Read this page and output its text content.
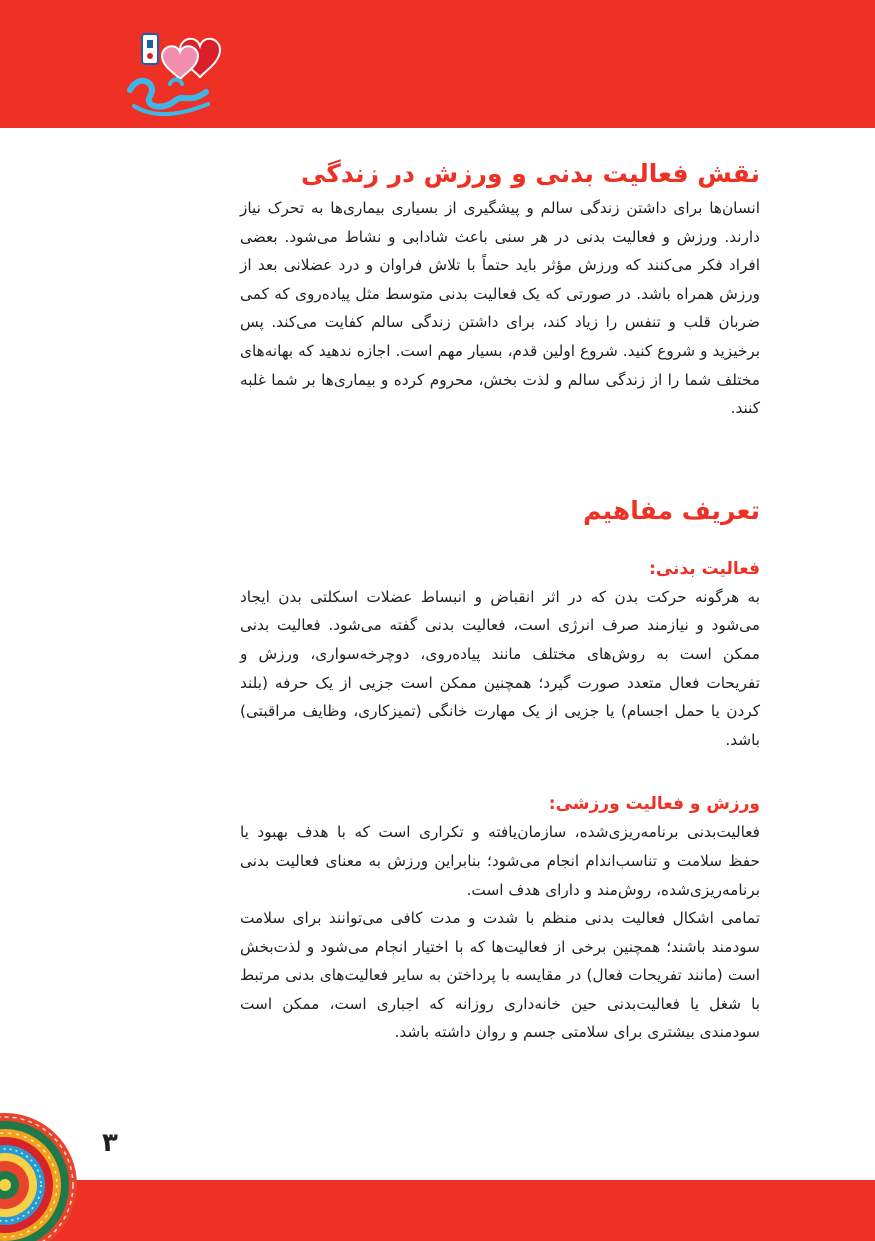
نقش فعالیت بدنی و ورزش در زندگی

انسان‌ها برای داشتن زندگی سالم و پیشگیری از بسیاری بیماری‌ها به تحرک نیاز دارند. ورزش و فعالیت بدنی در هر سنی باعث شادابی و نشاط می‌شود. بعضی افراد فکر می‌کنند که ورزش مؤثر باید حتماً با تلاش فراوان و درد عضلانی بعد از ورزش همراه باشد. در صورتی که یک فعالیت بدنی متوسط مثل پیاده‌روی که کمی ضربان قلب و تنفس را زیاد کند، برای داشتن زندگی سالم کفایت می‌کند. پس برخیزید و شروع کنید. شروع اولین قدم، بسیار مهم است. اجازه ندهید که بهانه‌های مختلف شما را از زندگی سالم و لذت بخش، محروم کرده و بیماری‌ها بر شما غلبه کنند.

تعریف مفاهیم
فعالیت بدنی:

به هرگونه حرکت بدن که در اثر انقباض و انبساط عضلات اسکلتی بدن ایجاد می‌شود و نیازمند صرف انرژی است، فعالیت بدنی گفته می‌شود. فعالیت بدنی ممکن است به روش‌های مختلف مانند پیاده‌روی، دوچرخه‌سواری، ورزش و تفریحات فعال متعدد صورت گیرد؛ همچنین ممکن است جزیی از یک حرفه (بلند کردن یا حمل اجسام) یا جزیی از یک مهارت خانگی (تمیزکاری، وظایف مراقبتی) باشد.

ورزش و فعالیت ورزشی:

فعالیت‌بدنی برنامه‌ریزی‌شده، سازمان‌یافته و تکراری است که با هدف بهبود یا حفظ سلامت و تناسب‌اندام انجام می‌شود؛ بنابراین ورزش به معنای فعالیت بدنی برنامه‌ریزی‌شده، روش‌مند و دارای هدف است.

تمامی اشکال فعالیت بدنی منظم با شدت و مدت کافی می‌توانند برای سلامت سودمند باشند؛ همچنین برخی از فعالیت‌ها که با اختیار انجام می‌شود و لذت‌بخش است (مانند تفریحات فعال) در مقایسه با پرداختن به سایر فعالیت‌های بدنی مرتبط با شغل یا فعالیت‌بدنی حین خانه‌داری روزانه که اجباری است، ممکن است سودمندی بیشتری برای سلامتی جسم و روان داشته باشد.

۳
